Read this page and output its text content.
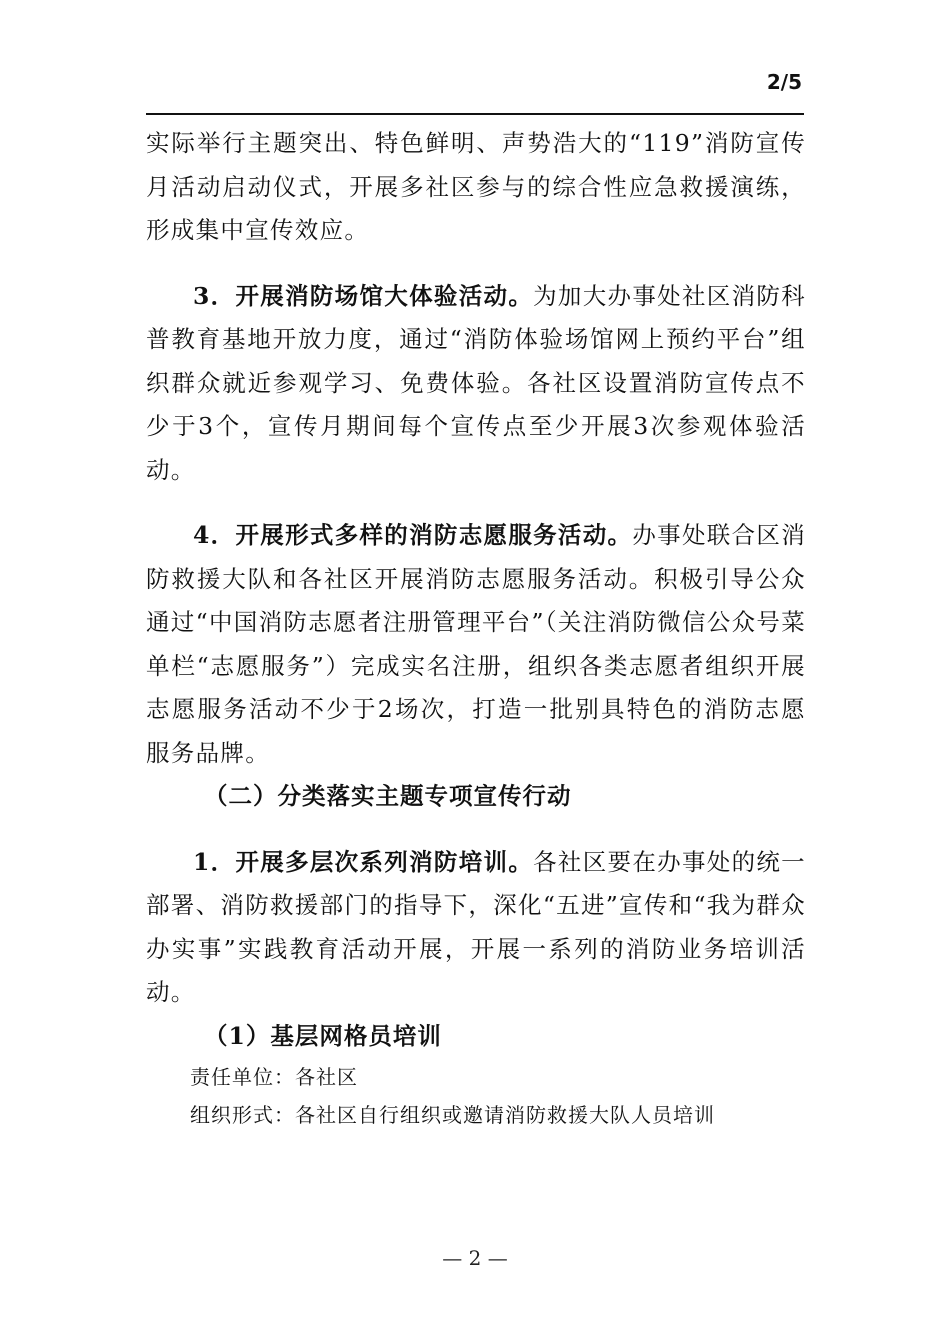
2/5

实际举行主题突出、特色鲜明、声势浩大的“119”消防宣传月活动启动仪式，开展多社区参与的综合性应急救援演练，形成集中宣传效应。

3．开展消防场馆大体验活动。为加大办事处社区消防科普教育基地开放力度，通过“消防体验场馆网上预约平台”组织群众就近参观学习、免费体验。各社区设置消防宣传点不少于3个，宣传月期间每个宣传点至少开展3次参观体验活动。

4．开展形式多样的消防志愿服务活动。办事处联合区消防救援大队和各社区开展消防志愿服务活动。积极引导公众通过“中国消防志愿者注册管理平台”（关注消防微信公众号菜单栏“志愿服务”）完成实名注册，组织各类志愿者组织开展志愿服务活动不少于2场次，打造一批别具特色的消防志愿服务品牌。

（二）分类落实主题专项宣传行动

1．开展多层次系列消防培训。各社区要在办事处的统一部署、消防救援部门的指导下，深化“五进”宣传和“我为群众办实事”实践教育活动开展，开展一系列的消防业务培训活动。

（1）基层网格员培训

责任单位：各社区

组织形式：各社区自行组织或邀请消防救援大队人员培训

— 2 —
